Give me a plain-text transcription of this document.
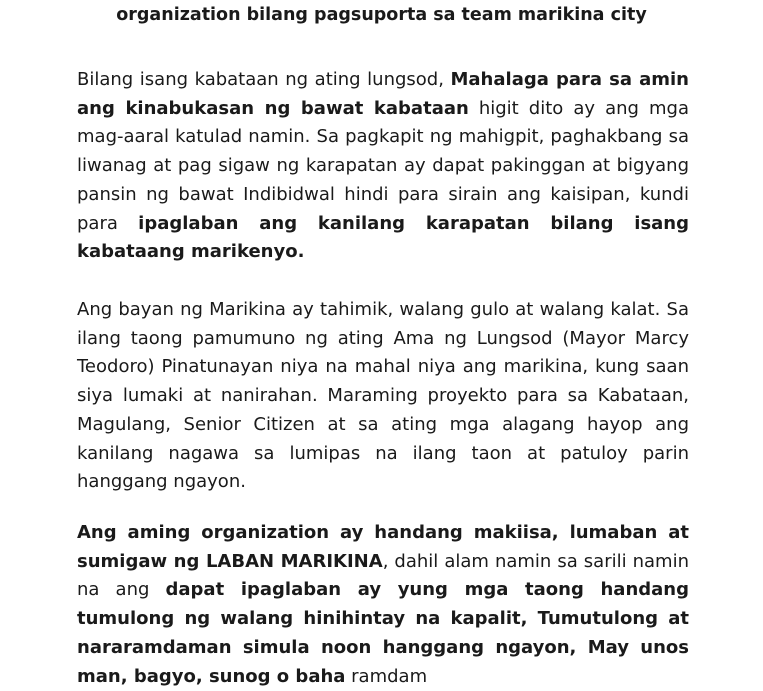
organization bilang pagsuporta sa team marikina city

Bilang isang kabataan ng ating lungsod, Mahalaga para sa amin ang kinabukasan ng bawat kabataan higit dito ay ang mga mag-aaral katulad namin. Sa pagkapit ng mahigpit, paghakbang sa liwanag at pag sigaw ng karapatan ay dapat pakinggan at bigyang pansin ng bawat Indibidwal hindi para sirain ang kaisipan, kundi para ipaglaban ang kanilang karapatan bilang isang kabataang marikenyo.

Ang bayan ng Marikina ay tahimik, walang gulo at walang kalat. Sa ilang taong pamumuno ng ating Ama ng Lungsod (Mayor Marcy Teodoro) Pinatunayan niya na mahal niya ang marikina, kung saan siya lumaki at nanirahan. Maraming proyekto para sa Kabataan, Magulang, Senior Citizen at sa ating mga alagang hayop ang kanilang nagawa sa lumipas na ilang taon at patuloy parin hanggang ngayon.

Ang aming organization ay handang makiisa, lumaban at sumigaw ng LABAN MARIKINA, dahil alam namin sa sarili namin na ang dapat ipaglaban ay yung mga taong handang tumulong ng walang hinihintay na kapalit, Tumutulong at nararamdaman simula noon hanggang ngayon, May unos man, bagyo, sunog o baha ramdam
